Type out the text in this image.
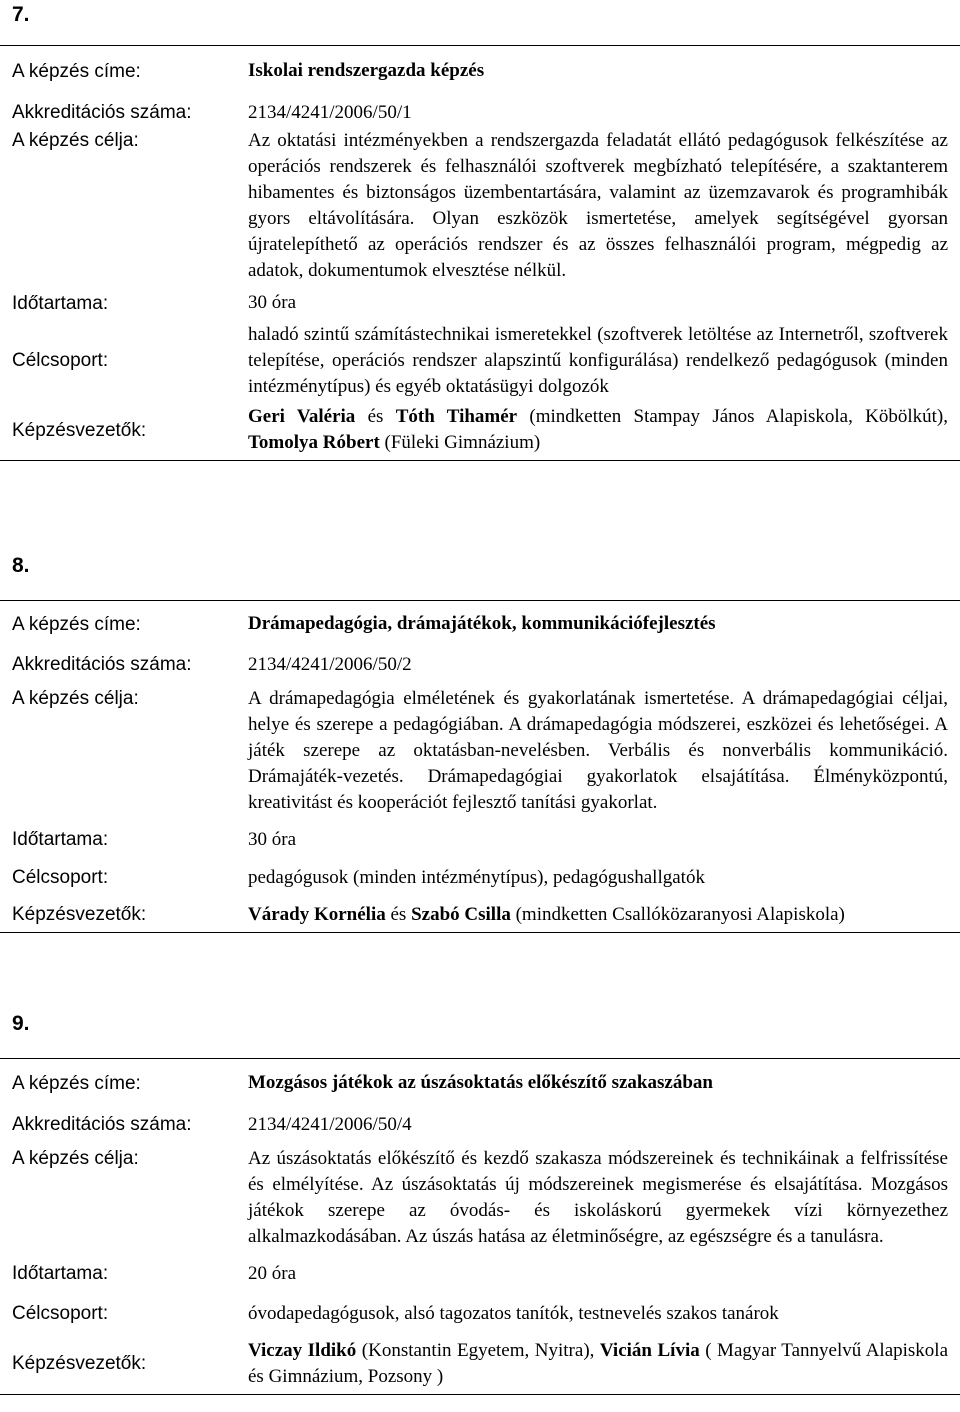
7.
A képzés címe:	Iskolai rendszergazda képzés
Akkreditációs száma:	2134/4241/2006/50/1
A képzés célja:	Az oktatási intézményekben a rendszergazda feladatát ellátó pedagógusok felkészítése az operációs rendszerek és felhasználói szoftverek megbízható telepítésére, a szaktanterem hibamentes és biztonságos üzembentartására, valamint az üzemzavarok és programhibák gyors eltávolítására. Olyan eszközök ismertetése, amelyek segítségével gyorsan újratelepíthető az operációs rendszer és az összes felhasználói program, mégpedig az adatok, dokumentumok elvesztése nélkül.
Időtartama:	30 óra
Célcsoport:
haladó szintű számítástechnikai ismeretekkel (szoftverek letöltése az Internetről, szoftverek telepítése, operációs rendszer alapszintű konfigurálása) rendelkező pedagógusok (minden intézménytípus) és egyéb oktatásügyi dolgozók
Képzésvezetők:
Geri Valéria és Tóth Tihamér (mindketten Stampay János Alapiskola, Köbölkút), Tomolya Róbert (Füleki Gimnázium)
8.
A képzés címe:	Drámapedagógia, drámajátékok, kommunikációfejlesztés
Akkreditációs száma:	2134/4241/2006/50/2
A képzés célja:	A drámapedagógia elméletének és gyakorlatának ismertetése. A drámapedagógiai céljai, helye és szerepe a pedagógiában. A drámapedagógia módszerei, eszközei és lehetőségei. A játék szerepe az oktatásban-nevelésben. Verbális és nonverbális kommunikáció. Drámajáték-vezetés. Drámapedagógiai gyakorlatok elsajátítása. Élményközpontú, kreativitást és kooperációt fejlesztő tanítási gyakorlat.
Időtartama:	30 óra
Célcsoport:	pedagógusok (minden intézménytípus), pedagógushallgatók
Képzésvezetők:	Várady Kornélia és Szabó Csilla (mindketten Csallóközaranyosi Alapiskola)
9.
A képzés címe:	Mozgásos játékok az úszásoktatás előkészítő szakaszában
Akkreditációs száma:	2134/4241/2006/50/4
A képzés célja:	Az úszásoktatás előkészítő és kezdő szakasza módszereinek és technikáinak a felfrissítése és elmélyítése. Az úszásoktatás új módszereinek megismerése és elsajátítása. Mozgásos játékok szerepe az óvodás- és iskoláskorú gyermekek vízi környezethez alkalmazkodásában. Az úszás hatása az életminőségre, az egészségre és a tanulásra.
Időtartama:	20 óra
Célcsoport:	óvodapedagógusok, alsó tagozatos tanítók, testnevelés szakos tanárok
Képzésvezetők:
Viczay Ildikó (Konstantin Egyetem, Nyitra), Vicián Lívia ( Magyar Tannyelvű Alapiskola és Gimnázium, Pozsony )
